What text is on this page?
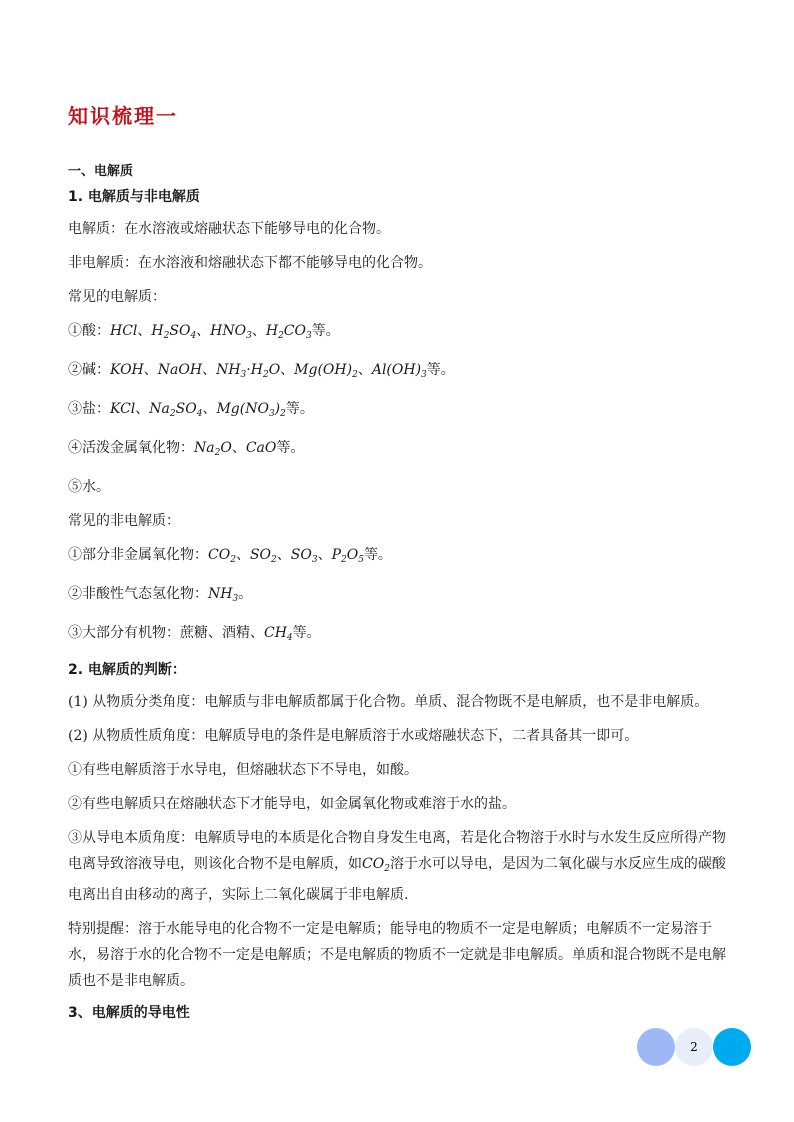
知识梳理一
一、电解质
1. 电解质与非电解质
电解质：在水溶液或熔融状态下能够导电的化合物。
非电解质：在水溶液和熔融状态下都不能够导电的化合物。
常见的电解质：
①酸：HCl、$H_2SO_4$、$HNO_3$、$H_2CO_3$等。
②碱：KOH、NaOH、$NH_3\cdot H_2O$、$Mg(OH)_2$、$Al(OH)_3$等。
③盐：KCl、$Na_2SO_4$、$Mg(NO_3)_2$等。
④活泼金属氧化物：$Na_2O$、CaO等。
⑤水。
常见的非电解质：
①部分非金属氧化物：$CO_2$、$SO_2$、$SO_3$、$P_2O_5$等。
②非酸性气态氢化物：$NH_3$。
③大部分有机物：蔗糖、酒精、$CH_4$等。
2. 电解质的判断：
(1) 从物质分类角度：电解质与非电解质都属于化合物。单质、混合物既不是电解质，也不是非电解质。
(2) 从物质性质角度：电解质导电的条件是电解质溶于水或熔融状态下，二者具备其一即可。
①有些电解质溶于水导电，但熔融状态下不导电，如酸。
②有些电解质只在熔融状态下才能导电，如金属氧化物或难溶于水的盐。
③从导电本质角度：电解质导电的本质是化合物自身发生电离，若是化合物溶于水时与水发生反应所得产物电离导致溶液导电，则该化合物不是电解质，如$CO_2$溶于水可以导电，是因为二氧化碳与水反应生成的碳酸电离出自由移动的离子，实际上二氧化碳属于非电解质.
特别提醒：溶于水能导电的化合物不一定是电解质；能导电的物质不一定是电解质；电解质不一定易溶于水，易溶于水的化合物不一定是电解质；不是电解质的物质不一定就是非电解质。单质和混合物既不是电解质也不是非电解质。
3、电解质的导电性
2
